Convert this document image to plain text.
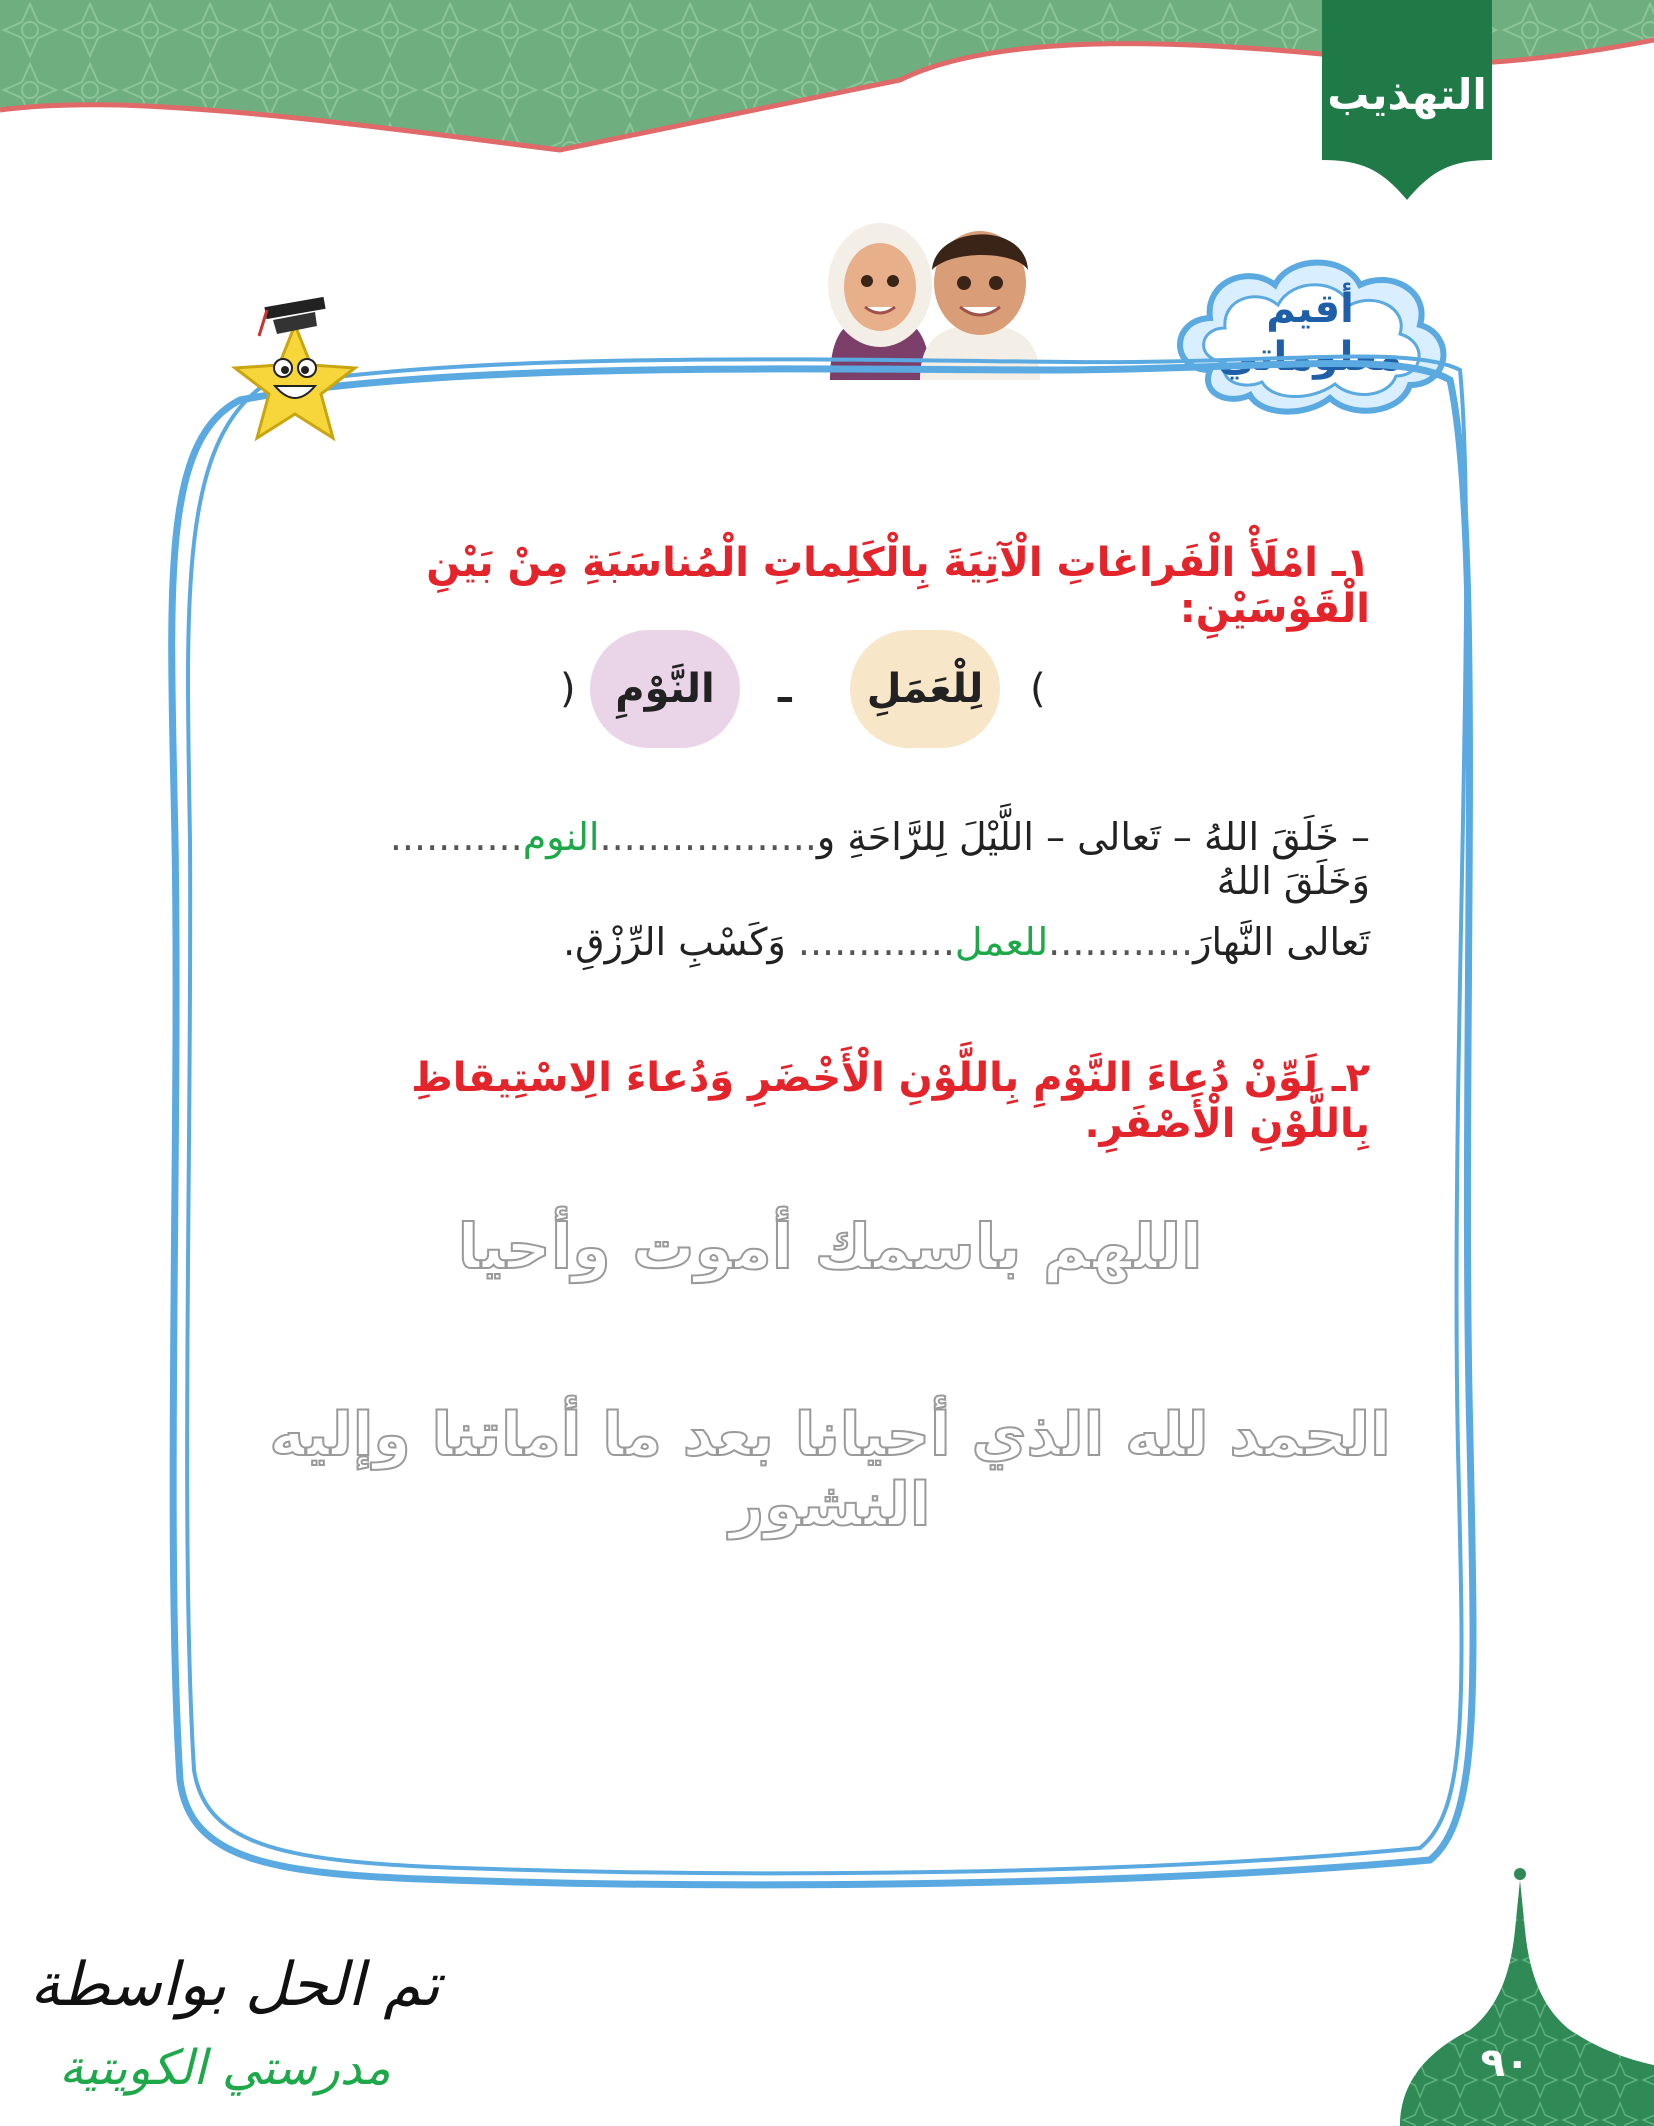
التهذيب
أقيم
معلوماتي
١ـ امْلَأْ الْفَراغاتِ الْآتِيَةَ بِالْكَلِماتِ الْمُناسَبَةِ مِنْ بَيْنِ الْقَوْسَيْنِ:
(
لِلْعَمَلِ
ـ
النَّوْمِ
)
– خَلَقَ اللهُ – تَعالى – اللَّيْلَ لِلرَّاحَةِ و..................النوم........... وَخَلَقَ اللهُ
تَعالى النَّهارَ............للعمل............. وَكَسْبِ الرِّزْقِ.
٢ـ لَوِّنْ دُعاءَ النَّوْمِ بِاللَّوْنِ الْأَخْضَرِ وَدُعاءَ الِاسْتِيقاظِ بِاللَّوْنِ الْأَصْفَرِ.
اللهم باسمك أموت وأحيا
الحمد لله الذي أحيانا بعد ما أماتنا وإليه النشور
تم الحل بواسطة
مدرستي الكويتية	٩٠
